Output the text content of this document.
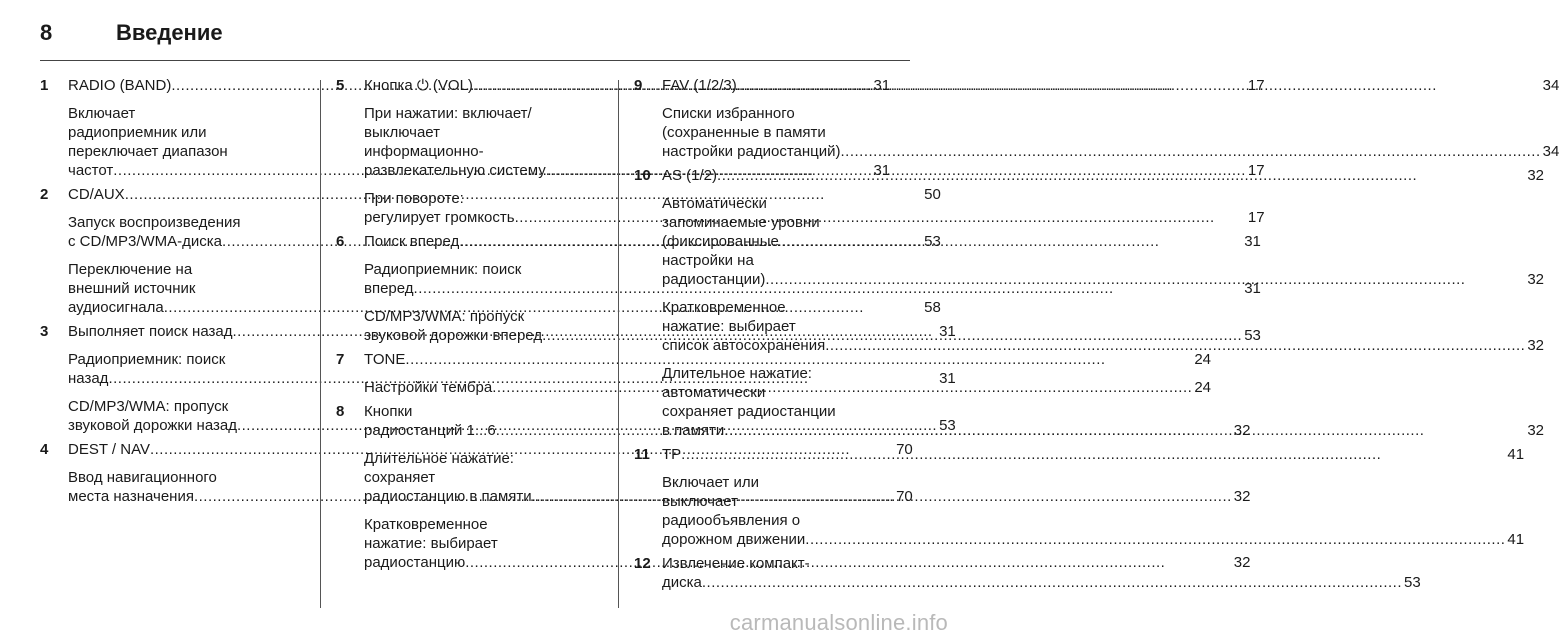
8	Введение
1	RADIO (BAND) .....	31
Включает
радиоприемник или
переключает диапазон
частот .....	31
2	CD/AUX .....	50
Запуск воспроизведения
с CD/MP3/WMA-диска .....	53
Переключение на
внешний источник
аудиосигнала .....	58
3	Выполняет поиск назад .....	31
Радиоприемник: поиск
назад .....	31
CD/MP3/WMA: пропуск
звуковой дорожки назад .....	53
4	DEST / NAV .....	70
Ввод навигационного
места назначения .....	70
5	Кнопка ⏻ (VOL) .....	17
При нажатии: включает/
выключает
информационно-
развлекательную систему .....	17
При повороте:
регулирует громкость .....	17
6	Поиск вперед .....	31
Радиоприемник: поиск
вперед .....	31
CD/MP3/WMA: пропуск
звуковой дорожки вперед .....	53
7	TONE .....	24
Настройки тембра .....	24
8	Кнопки
радиостанций 1...6 .....	32
Длительное нажатие:
сохраняет
радиостанцию в памяти .....	32
Кратковременное
нажатие: выбирает
радиостанцию .....	32
9	FAV (1/2/3) .....	34
Списки избранного
(сохраненные в памяти
настройки радиостанций) .....	34
10 AS (1/2) .....	32
Автоматически
запоминаемые уровни
(фиксированные
настройки на
радиостанции) .....	32
Кратковременное
нажатие: выбирает
список автосохранения .....	32
Длительное нажатие:
автоматически
сохраняет радиостанции
в памяти .....	32
11 TP .....	41
Включает или
выключает
радиообъявления о
дорожном движении .....	41
12 Извлечение компакт-
диска .....	53
carmanualsonline.info
